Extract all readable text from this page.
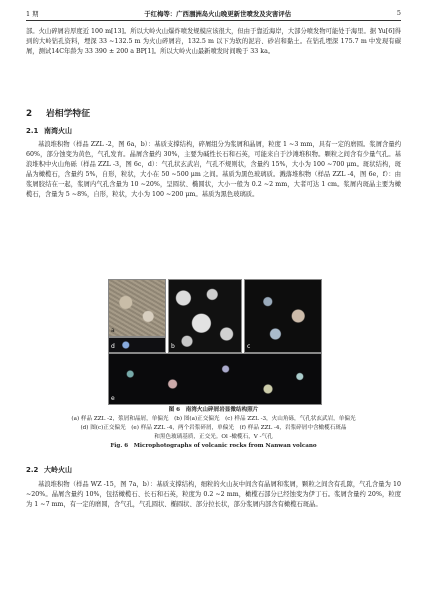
1 期	于红梅等：广西涠洲岛火山晚更新世喷发及灾害评估	5

部。火山碎屑岩厚度近 100 m[13]。所以大岭火山爆炸喷发规模应该很大，但由于靠近海岸，大部分喷发物可能处于海里。据 Yu[6]得到的大岭钻孔资料，埋深 33 ~132.5 m 为火山碎屑岩，132.5 m 以下为软的泥岩、砂岩和黏土。在钻孔埋深 175.7 m 中发现有碳屑，测试14C年龄为 33 390 ± 200 a BP[1]。所以大岭火山最新喷发时间晚于 33 ka。

2 岩相学特征
2.1 南湾火山

基浪堆积物（样品 ZZL -2，图 6a，b）：基质支撑结构，碎屑组分为浆屑和晶屑，粒度 1 ~3 mm，具有一定的磨圆。浆屑含量约 60%，部分蚀变为黄色，气孔发育。晶屑含量约 30%，主要为碱性长石和石英，可能来自于沙滩堆积物。颗粒之间含有少量气孔。基浪堆积中火山角砾（样品 ZZL -3，图 6c，d）：气孔状玄武岩，气孔不规则状，含量约 15%，大小为 100 ~700 μm。斑状结构，斑晶为橄榄石，含量约 5%，自形，粒状，大小在 50 ~500 μm 之间。基质为黑色玻璃质。溅落堆积物（样品 ZZL -4，图 6e，f）：由浆屑胶结在一起，浆屑内气孔含量为 10 ~20%，呈圆状、椭圆状，大小一般为 0.2 ~2 mm，大者可达 1 cm。浆屑内斑晶主要为橄榄石，含量为 5 ~8%，自形，粒状，大小为 100 ~200 μm。基质为黑色玻璃质。

a
b	c
d
e
图 6　南湾火山碎屑岩显微结构照片
(a) 样品 ZZL -2，浆屑和晶屑，单偏光　(b) 图(a)正交偏光　(c) 样品 ZZL -3，火山角砾，气孔状玄武岩，单偏光
(d) 图(c)正交偏光　(e) 样品 ZZL -4，两个岩浆碎屑，单偏光　(f) 样品 ZZL -4，岩浆碎屑中含橄榄石斑晶
和黑色玻璃基质，正交光。Ol -橄榄石，V -气孔
Fig. 6　Microphotographs of volcanic rocks from Nanwan volcano
2.2 大岭火山

基浪堆积物（样品 WZ -15，图 7a，b）：基质支撑结构，细粒的火山灰中间含有晶屑和浆屑，颗粒之间含有孔隙，气孔含量为 10 ~20%。晶屑含量约 10%，包括橄榄石、长石和石英，粒度为 0.2 ~2 mm，橄榄石部分已经蚀变为伊丁石。浆屑含量约 20%，粒度为 1 ~7 mm，有一定的磨圆，含气孔，气孔圆状、椭圆状、部分拉长状，部分浆屑内部含有橄榄石斑晶。
